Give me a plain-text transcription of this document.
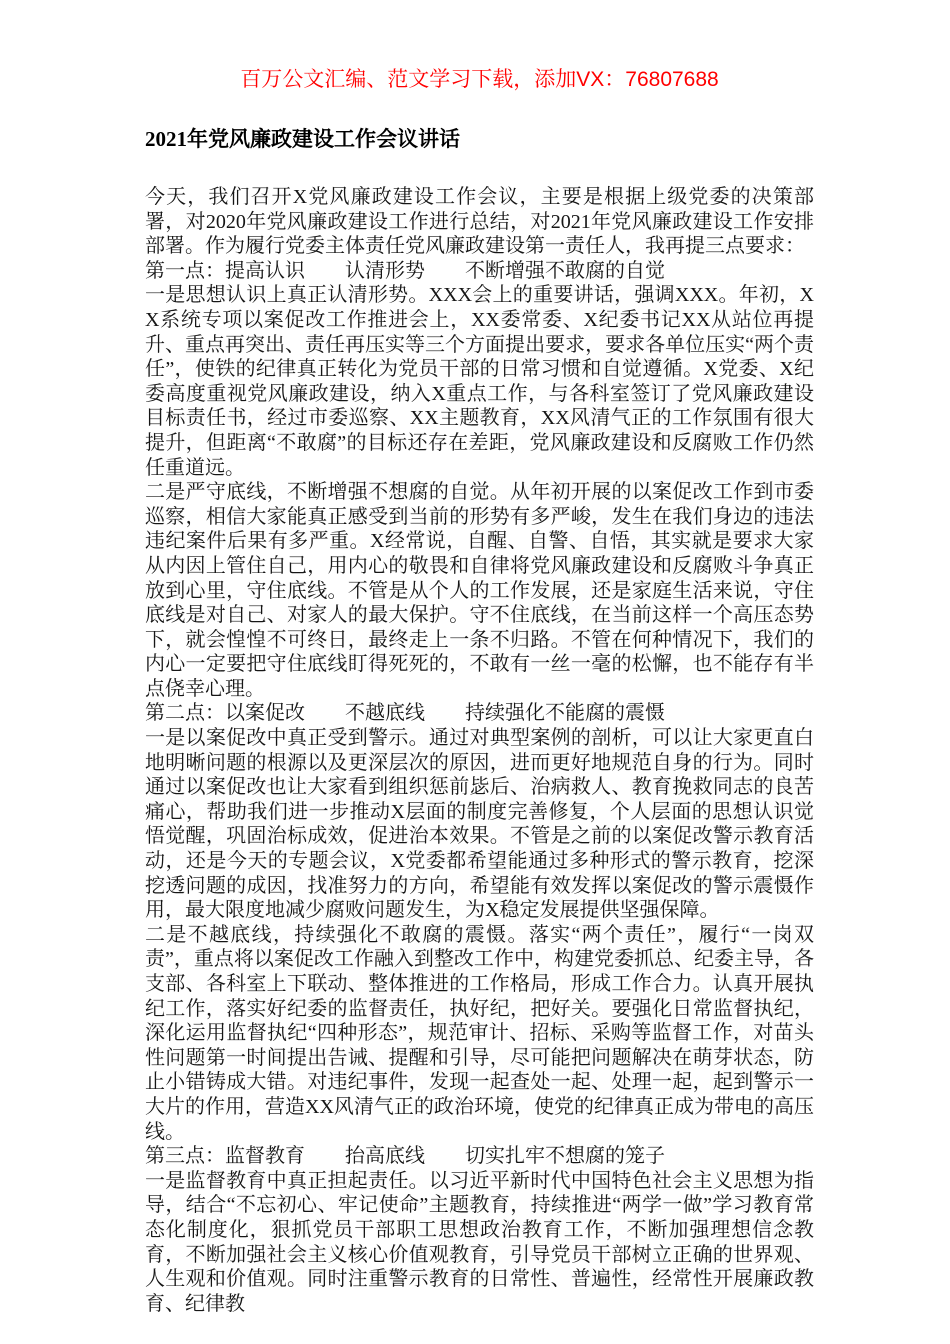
百万公文汇编、范文学习下载，添加VX：76807688
2021年党风廉政建设工作会议讲话
今天，我们召开X党风廉政建设工作会议，主要是根据上级党委的决策部署，对2020年党风廉政建设工作进行总结，对2021年党风廉政建设工作安排部署。作为履行党委主体责任党风廉政建设第一责任人，我再提三点要求：
第一点：提高认识　　认清形势　　不断增强不敢腐的自觉
一是思想认识上真正认清形势。XXX会上的重要讲话，强调XXX。年初，XX系统专项以案促改工作推进会上，XX委常委、X纪委书记XX从站位再提升、重点再突出、责任再压实等三个方面提出要求，要求各单位压实“两个责任”，使铁的纪律真正转化为党员干部的日常习惯和自觉遵循。X党委、X纪委高度重视党风廉政建设，纳入X重点工作，与各科室签订了党风廉政建设目标责任书，经过市委巡察、XX主题教育，XX风清气正的工作氛围有很大提升，但距离“不敢腐”的目标还存在差距，党风廉政建设和反腐败工作仍然任重道远。
二是严守底线，不断增强不想腐的自觉。从年初开展的以案促改工作到市委巡察，相信大家能真正感受到当前的形势有多严峻，发生在我们身边的违法违纪案件后果有多严重。X经常说，自醒、自警、自悟，其实就是要求大家从内因上管住自己，用内心的敬畏和自律将党风廉政建设和反腐败斗争真正放到心里，守住底线。不管是从个人的工作发展，还是家庭生活来说，守住底线是对自己、对家人的最大保护。守不住底线，在当前这样一个高压态势下，就会惶惶不可终日，最终走上一条不归路。不管在何种情况下，我们的内心一定要把守住底线盯得死死的，不敢有一丝一毫的松懈，也不能存有半点侥幸心理。
第二点：以案促改　　不越底线　　持续强化不能腐的震慑
一是以案促改中真正受到警示。通过对典型案例的剖析，可以让大家更直白地明晰问题的根源以及更深层次的原因，进而更好地规范自身的行为。同时通过以案促改也让大家看到组织惩前毖后、治病救人、教育挽救同志的良苦痛心，帮助我们进一步推动X层面的制度完善修复，个人层面的思想认识觉悟觉醒，巩固治标成效，促进治本效果。不管是之前的以案促改警示教育活动，还是今天的专题会议，X党委都希望能通过多种形式的警示教育，挖深挖透问题的成因，找准努力的方向，希望能有效发挥以案促改的警示震慑作用，最大限度地减少腐败问题发生，为X稳定发展提供坚强保障。
二是不越底线，持续强化不敢腐的震慑。落实“两个责任”，履行“一岗双责”，重点将以案促改工作融入到整改工作中，构建党委抓总、纪委主导，各支部、各科室上下联动、整体推进的工作格局，形成工作合力。认真开展执纪工作，落实好纪委的监督责任，执好纪，把好关。要强化日常监督执纪，深化运用监督执纪“四种形态”，规范审计、招标、采购等监督工作，对苗头性问题第一时间提出告诫、提醒和引导，尽可能把问题解决在萌芽状态，防止小错铸成大错。对违纪事件，发现一起查处一起、处理一起，起到警示一大片的作用，营造XX风清气正的政治环境，使党的纪律真正成为带电的高压线。
第三点：监督教育　　抬高底线　　切实扎牢不想腐的笼子
一是监督教育中真正担起责任。以习近平新时代中国特色社会主义思想为指导，结合“不忘初心、牢记使命”主题教育，持续推进“两学一做”学习教育常态化制度化，狠抓党员干部职工思想政治教育工作，不断加强理想信念教育，不断加强社会主义核心价值观教育，引导党员干部树立正确的世界观、人生观和价值观。同时注重警示教育的日常性、普遍性，经常性开展廉政教育、纪律教
